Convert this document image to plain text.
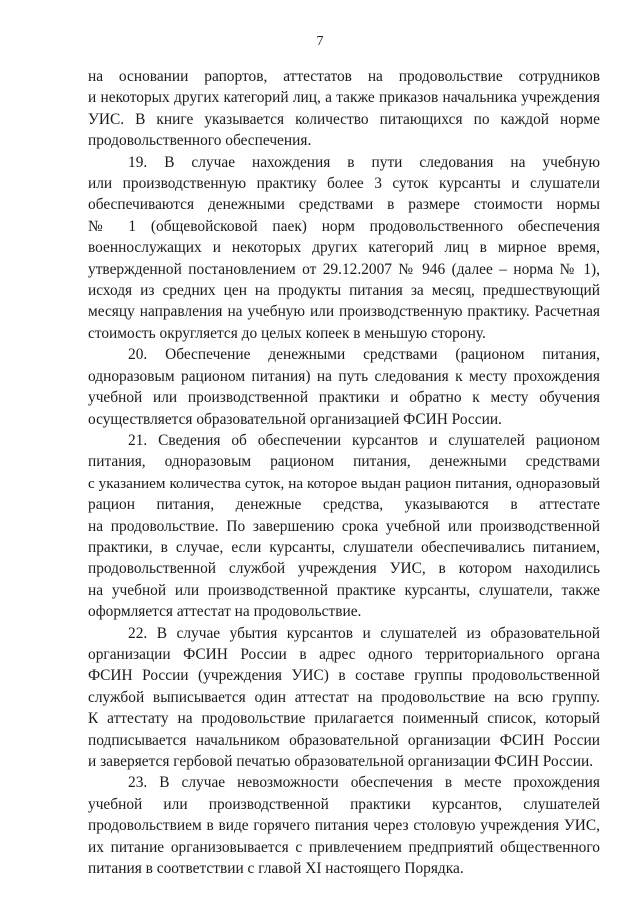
7
на основании рапортов, аттестатов на продовольствие сотрудников
и некоторых других категорий лиц, а также приказов начальника учреждения
УИС. В книге указывается количество питающихся по каждой норме
продовольственного обеспечения.
19. В случае нахождения в пути следования на учебную
или производственную практику более 3 суток курсанты и слушатели
обеспечиваются денежными средствами в размере стоимости нормы
№ 1 (общевойсковой паек) норм продовольственного обеспечения
военнослужащих и некоторых других категорий лиц в мирное время,
утвержденной постановлением от 29.12.2007 № 946 (далее – норма № 1),
исходя из средних цен на продукты питания за месяц, предшествующий
месяцу направления на учебную или производственную практику. Расчетная
стоимость округляется до целых копеек в меньшую сторону.
20. Обеспечение денежными средствами (рационом питания,
одноразовым рационом питания) на путь следования к месту прохождения
учебной или производственной практики и обратно к месту обучения
осуществляется образовательной организацией ФСИН России.
21. Сведения об обеспечении курсантов и слушателей рационом
питания, одноразовым рационом питания, денежными средствами
с указанием количества суток, на которое выдан рацион питания, одноразовый
рацион питания, денежные средства, указываются в аттестате
на продовольствие. По завершению срока учебной или производственной
практики, в случае, если курсанты, слушатели обеспечивались питанием,
продовольственной службой учреждения УИС, в котором находились
на учебной или производственной практике курсанты, слушатели, также
оформляется аттестат на продовольствие.
22. В случае убытия курсантов и слушателей из образовательной
организации ФСИН России в адрес одного территориального органа
ФСИН России (учреждения УИС) в составе группы продовольственной
службой выписывается один аттестат на продовольствие на всю группу.
К аттестату на продовольствие прилагается поименный список, который
подписывается начальником образовательной организации ФСИН России
и заверяется гербовой печатью образовательной организации ФСИН России.
23. В случае невозможности обеспечения в месте прохождения
учебной или производственной практики курсантов, слушателей
продовольствием в виде горячего питания через столовую учреждения УИС,
их питание организовывается с привлечением предприятий общественного
питания в соответствии с главой XI настоящего Порядка.
